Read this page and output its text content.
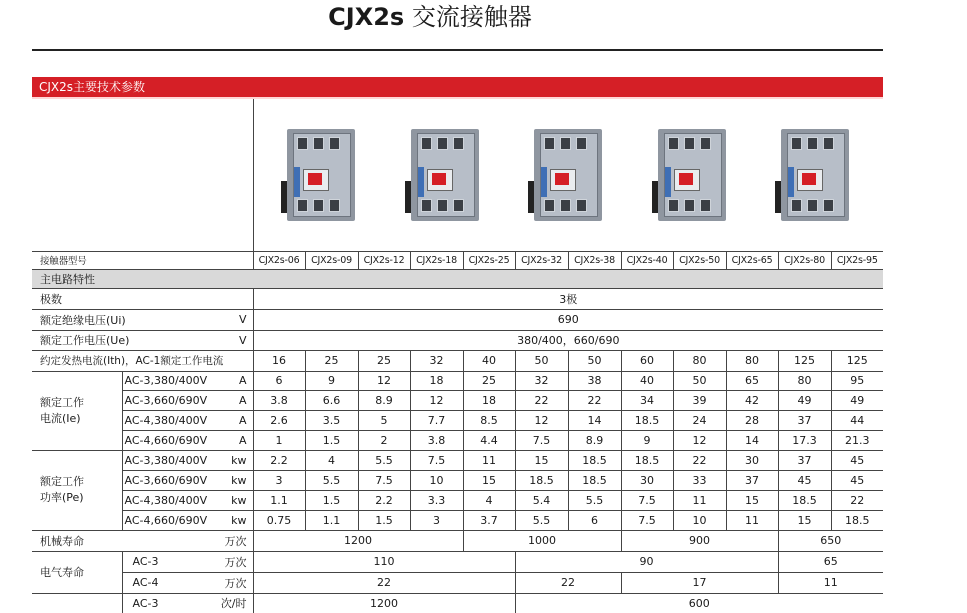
CJX2s 交流接触器
CJX2s主要技术参数

接触器型号			CJX2s-06	CJX2s-09	CJX2s-12	CJX2s-18	CJX2s-25	CJX2s-32	CJX2s-38	CJX2s-40	CJX2s-50	CJX2s-65	CJX2s-80	CJX2s-95
主电路特性														
极数			3极											
额定绝缘电压(Ui)		V	690											
额定工作电压(Ue)		V	380/400，660/690											
约定发热电流(Ith)，AC-1额定工作电流			16	25	25	32	40	50	50	60	80	80	125	125
额定工作
电流(Ie)	AC-3,380/400V	A	6	9	12	18	25	32	38	40	50	65	80	95
	AC-3,660/690V	A	3.8	6.6	8.9	12	18	22	22	34	39	42	49	49
	AC-4,380/400V	A	2.6	3.5	5	7.7	8.5	12	14	18.5	24	28	37	44
	AC-4,660/690V	A	1	1.5	2	3.8	4.4	7.5	8.9	9	12	14	17.3	21.3
额定工作
功率(Pe)	AC-3,380/400V	kw	2.2	4	5.5	7.5	11	15	18.5	18.5	22	30	37	45
	AC-3,660/690V	kw	3	5.5	7.5	10	15	18.5	18.5	30	33	37	45	45
	AC-4,380/400V	kw	1.1	1.5	2.2	3.3	4	5.4	5.5	7.5	11	15	18.5	22
	AC-4,660/690V	kw	0.75	1.1	1.5	3	3.7	5.5	6	7.5	10	11	15	18.5
机械寿命		万次	1200				1000			900			650	
电气寿命	AC-3	万次	110					90					65	
	AC-4	万次	22					22		17			11	
	AC-3	次/时	1200					600						
